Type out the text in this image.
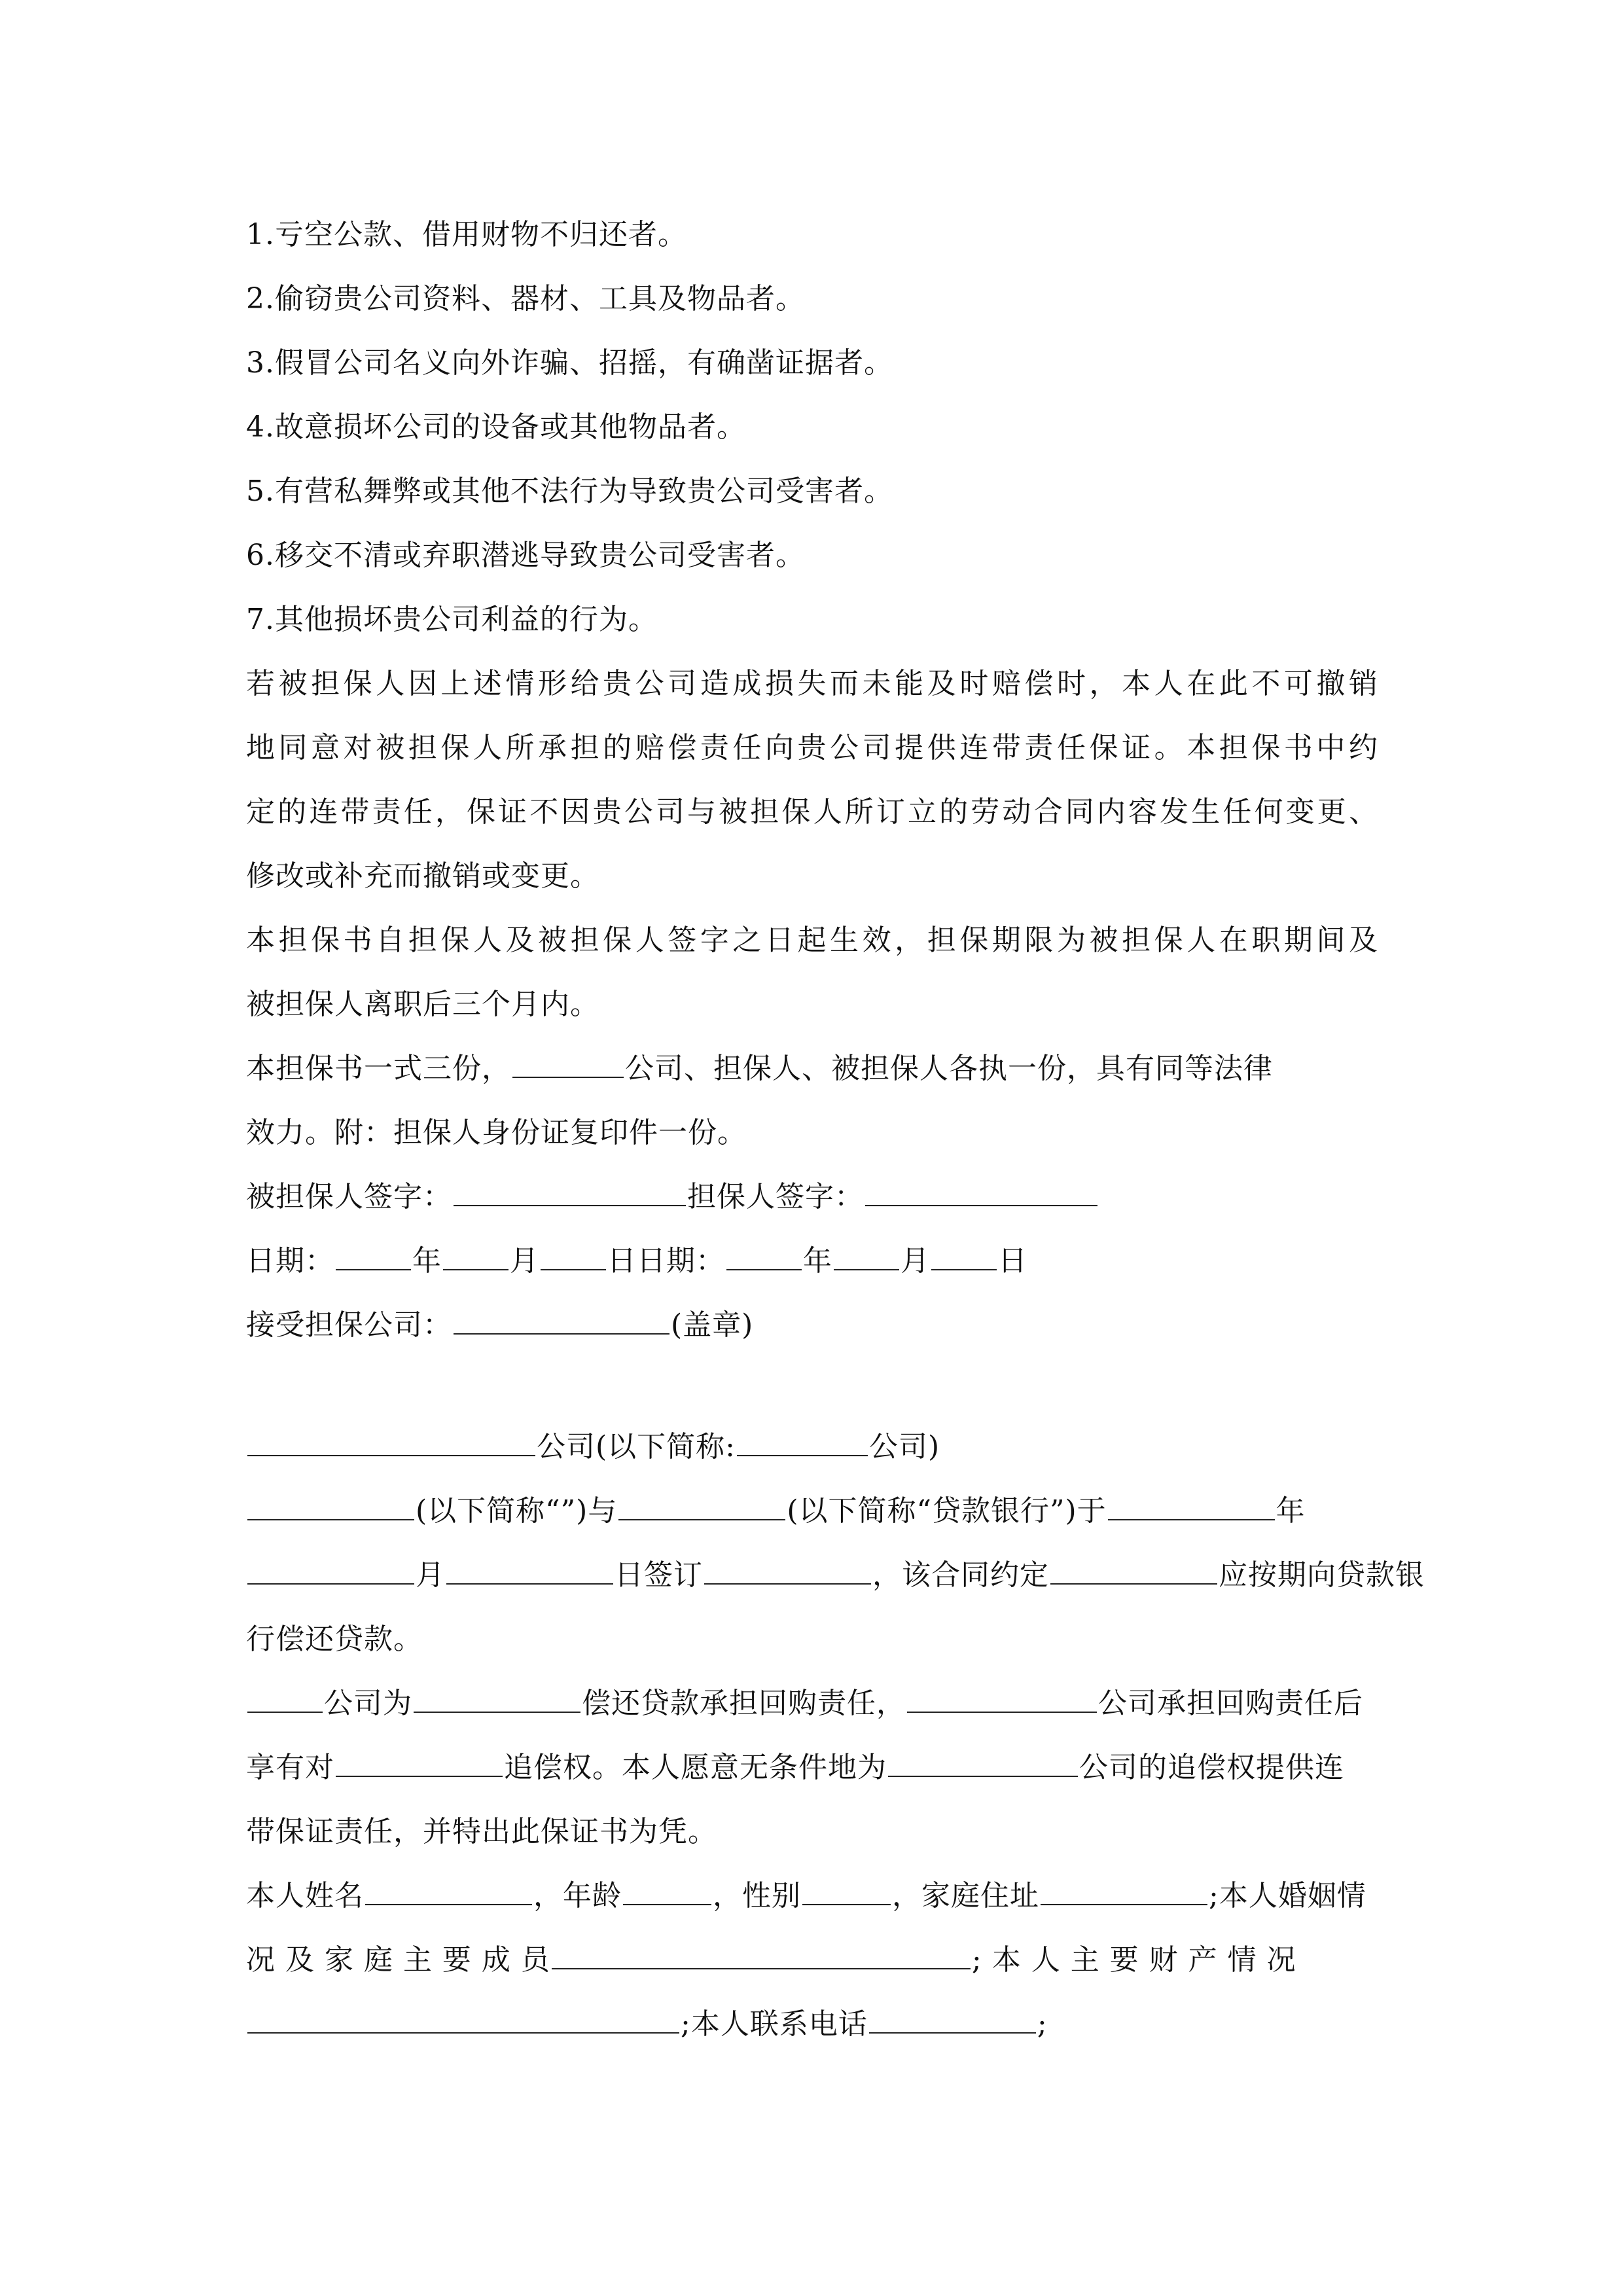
1.亏空公款、借用财物不归还者。
2.偷窃贵公司资料、器材、工具及物品者。
3.假冒公司名义向外诈骗、招摇，有确凿证据者。
4.故意损坏公司的设备或其他物品者。
5.有营私舞弊或其他不法行为导致贵公司受害者。
6.移交不清或弃职潜逃导致贵公司受害者。
7.其他损坏贵公司利益的行为。
若被担保人因上述情形给贵公司造成损失而未能及时赔偿时，本人在此不可撤销
地同意对被担保人所承担的赔偿责任向贵公司提供连带责任保证。本担保书中约
定的连带责任，保证不因贵公司与被担保人所订立的劳动合同内容发生任何变更、
修改或补充而撤销或变更。
本担保书自担保人及被担保人签字之日起生效，担保期限为被担保人在职期间及
被担保人离职后三个月内。
本担保书一式三份，	公司、担保人、被担保人各执一份，具有同等法律
效力。附：担保人身份证复印件一份。
被担保人签字：	担保人签字：
日期：	年 月 日日期：	年 月 日
接受担保公司：	(盖章)
公司(以下简称:	公司)
(以下简称“”)与	(以下简称“贷款银行”)于	年
月	日签订	，该合同约定	应按期向贷款银
行偿还贷款。
公司为	偿还贷款承担回购责任，	公司承担回购责任后
享有对	追偿权。本人愿意无条件地为	公司的追偿权提供连
带保证责任，并特出此保证书为凭。
本人姓名	，年龄	，性别	，家庭住址	;本人婚姻情
况 及 家 庭 主 要 成 员	; 本 人 主 要 财 产 情 况
;本人联系电话	;
